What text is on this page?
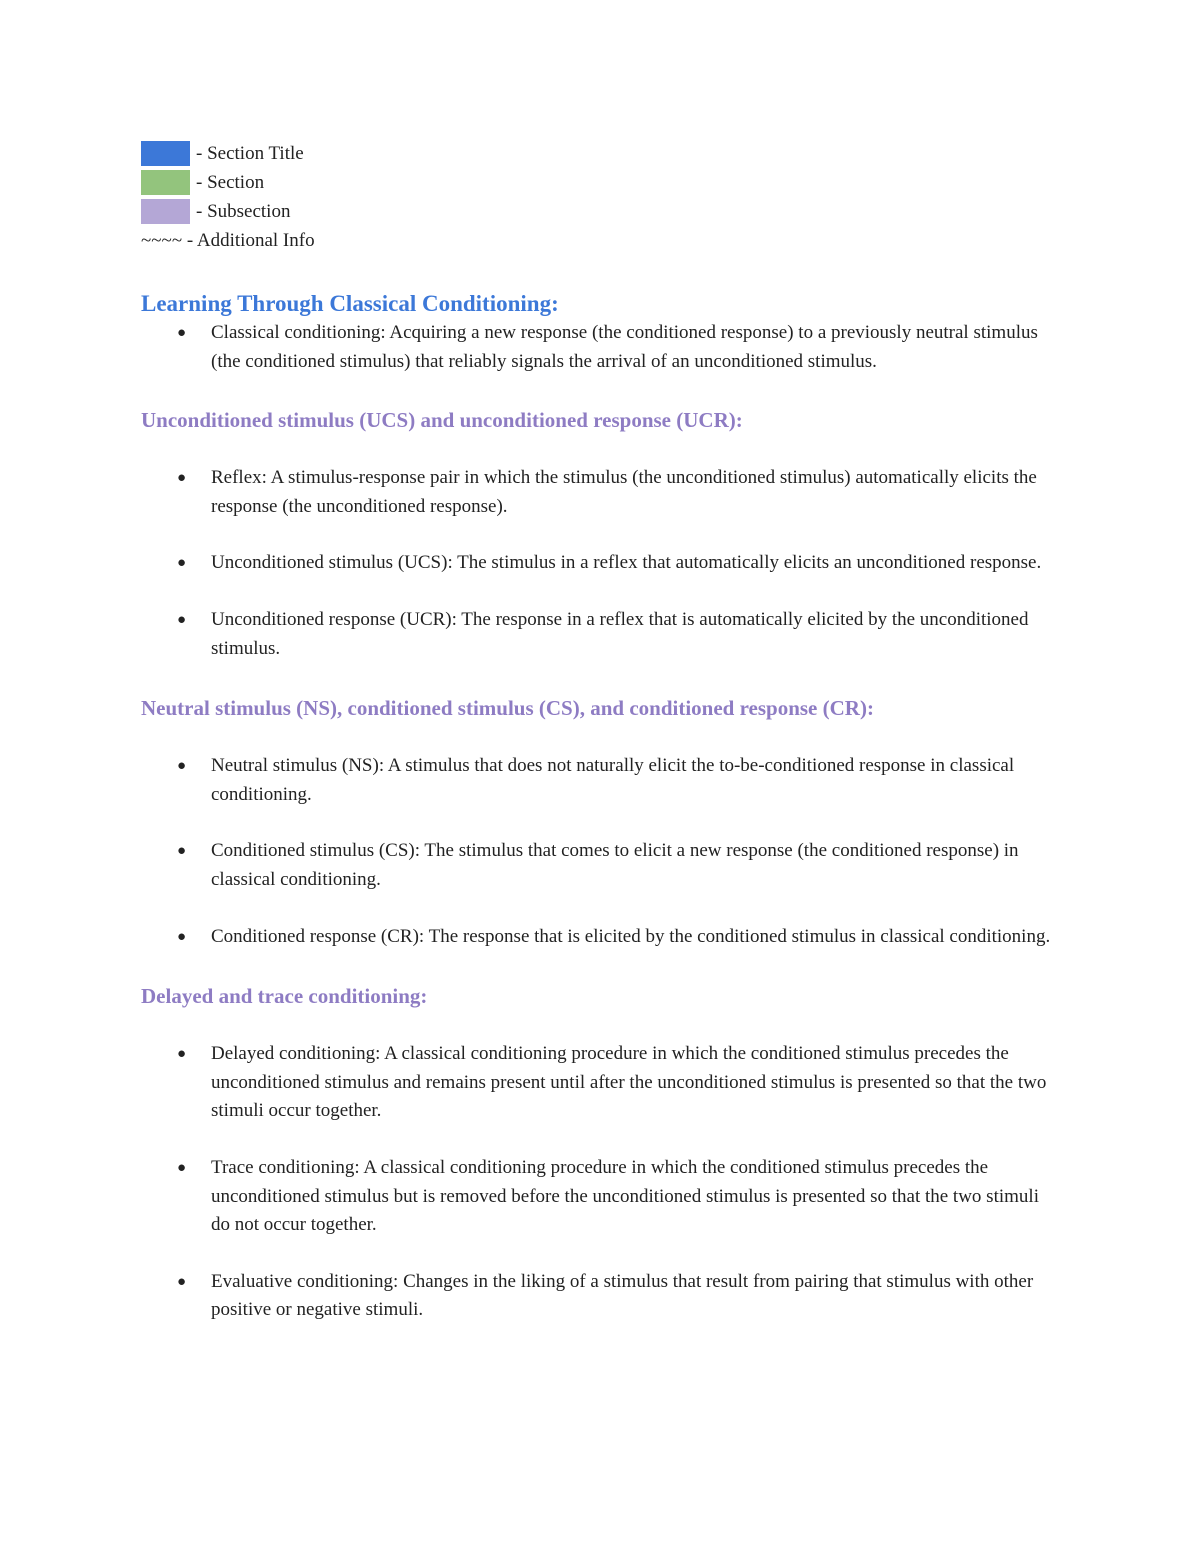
- Section Title
- Section
- Subsection
~~~~ - Additional Info
Learning Through Classical Conditioning:
● Classical conditioning: Acquiring a new response (the conditioned response) to a previously neutral stimulus (the conditioned stimulus) that reliably signals the arrival of an unconditioned stimulus.
Unconditioned stimulus (UCS) and unconditioned response (UCR):
● Reflex: A stimulus-response pair in which the stimulus (the unconditioned stimulus) automatically elicits the response (the unconditioned response).
● Unconditioned stimulus (UCS): The stimulus in a reflex that automatically elicits an unconditioned response.
● Unconditioned response (UCR): The response in a reflex that is automatically elicited by the unconditioned stimulus.
Neutral stimulus (NS), conditioned stimulus (CS), and conditioned response (CR):
● Neutral stimulus (NS): A stimulus that does not naturally elicit the to-be-conditioned response in classical conditioning.
● Conditioned stimulus (CS): The stimulus that comes to elicit a new response (the conditioned response) in classical conditioning.
● Conditioned response (CR): The response that is elicited by the conditioned stimulus in classical conditioning.
Delayed and trace conditioning:
● Delayed conditioning: A classical conditioning procedure in which the conditioned stimulus precedes the unconditioned stimulus and remains present until after the unconditioned stimulus is presented so that the two stimuli occur together.
● Trace conditioning: A classical conditioning procedure in which the conditioned stimulus precedes the unconditioned stimulus but is removed before the unconditioned stimulus is presented so that the two stimuli do not occur together.
● Evaluative conditioning: Changes in the liking of a stimulus that result from pairing that stimulus with other positive or negative stimuli.
